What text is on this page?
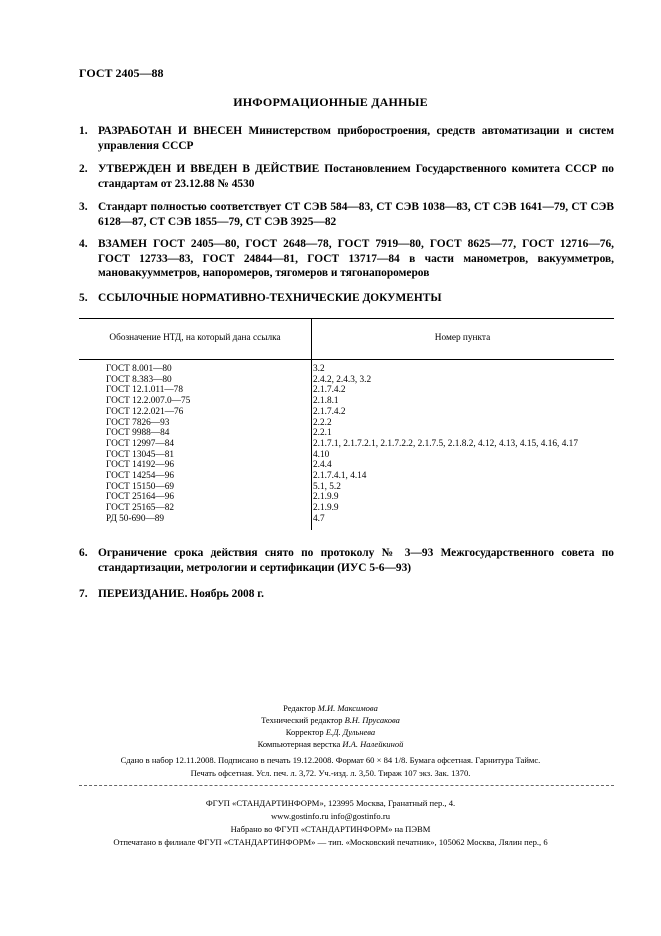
ГОСТ 2405—88
ИНФОРМАЦИОННЫЕ ДАННЫЕ
1. РАЗРАБОТАН И ВНЕСЕН Министерством приборостроения, средств автоматизации и систем управления СССР
2. УТВЕРЖДЕН И ВВЕДЕН В ДЕЙСТВИЕ Постановлением Государственного комитета СССР по стандартам от 23.12.88 № 4530
3. Стандарт полностью соответствует СТ СЭВ 584—83, СТ СЭВ 1038—83, СТ СЭВ 1641—79, СТ СЭВ 6128—87, СТ СЭВ 1855—79, СТ СЭВ 3925—82
4. ВЗАМЕН ГОСТ 2405—80, ГОСТ 2648—78, ГОСТ 7919—80, ГОСТ 8625—77, ГОСТ 12716—76, ГОСТ 12733—83, ГОСТ 24844—81, ГОСТ 13717—84 в части манометров, вакуумметров, мановакуумметров, напоромеров, тягомеров и тягонапоромеров
5. ССЫЛОЧНЫЕ НОРМАТИВНО-ТЕХНИЧЕСКИЕ ДОКУМЕНТЫ
Обозначение НТД, на который дана ссылка	Номер пункта
ГОСТ 8.001—80	3.2
ГОСТ 8.383—80	2.4.2, 2.4.3, 3.2
ГОСТ 12.1.011—78	2.1.7.4.2
ГОСТ 12.2.007.0—75	2.1.8.1
ГОСТ 12.2.021—76	2.1.7.4.2
ГОСТ 7826—93	2.2.2
ГОСТ 9988—84	2.2.1
ГОСТ 12997—84	2.1.7.1, 2.1.7.2.1, 2.1.7.2.2, 2.1.7.5, 2.1.8.2, 4.12, 4.13, 4.15, 4.16, 4.17
ГОСТ 13045—81	4.10
ГОСТ 14192—96	2.4.4
ГОСТ 14254—96	2.1.7.4.1, 4.14
ГОСТ 15150—69	5.1, 5.2
ГОСТ 25164—96	2.1.9.9
ГОСТ 25165—82	2.1.9.9
РД 50-690—89	4.7
6. Ограничение срока действия снято по протоколу № 3—93 Межгосударственного совета по стандартизации, метрологии и сертификации (ИУС 5-6—93)
7. ПЕРЕИЗДАНИЕ. Ноябрь 2008 г.
Редактор М.И. Максимова
Технический редактор В.Н. Прусакова
Корректор Е.Д. Дульнева
Компьютерная верстка И.А. Налейкиной
Сдано в набор 12.11.2008. Подписано в печать 19.12.2008. Формат 60 × 84 1/8. Бумага офсетная. Гарнитура Таймс.
Печать офсетная. Усл. печ. л. 3,72. Уч.-изд. л. 3,50. Тираж 107 экз. Зак. 1370.
ФГУП «СТАНДАРТИНФОРМ», 123995 Москва, Гранатный пер., 4.
www.gostinfo.ru info@gostinfo.ru
Набрано во ФГУП «СТАНДАРТИНФОРМ» на ПЭВМ
Отпечатано в филиале ФГУП «СТАНДАРТИНФОРМ» — тип. «Московский печатник», 105062 Москва, Лялин пер., 6
